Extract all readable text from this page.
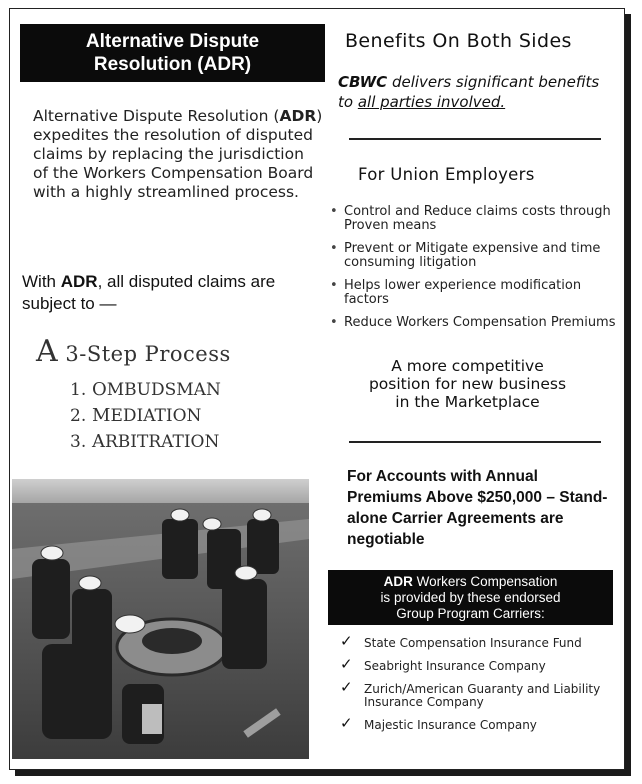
Alternative Dispute
Resolution (ADR)

Alternative Dispute Resolution (ADR) expedites the resolution of disputed claims by replacing the jurisdiction of the Workers Compensation Board with a highly streamlined process.

With ADR, all disputed claims are subject to —

A 3-Step Process
1. OMBUDSMAN
2. MEDIATION
3. ARBITRATION
Benefits On Both Sides

CBWC delivers significant benefits to all parties involved.

For Union Employers
• Control and Reduce claims costs through Proven means
• Prevent or Mitigate expensive and time consuming litigation
• Helps lower experience modification factors
• Reduce Workers Compensation Premiums
A more competitive
position for new business
in the Marketplace
For Accounts with Annual Premiums Above $250,000 – Stand-alone Carrier Agreements are negotiable
ADR Workers Compensation
is provided by these endorsed
Group Program Carriers:
✓ State Compensation Insurance Fund
✓ Seabright Insurance Company
✓ Zurich/American Guaranty and Liability Insurance Company
✓ Majestic Insurance Company
